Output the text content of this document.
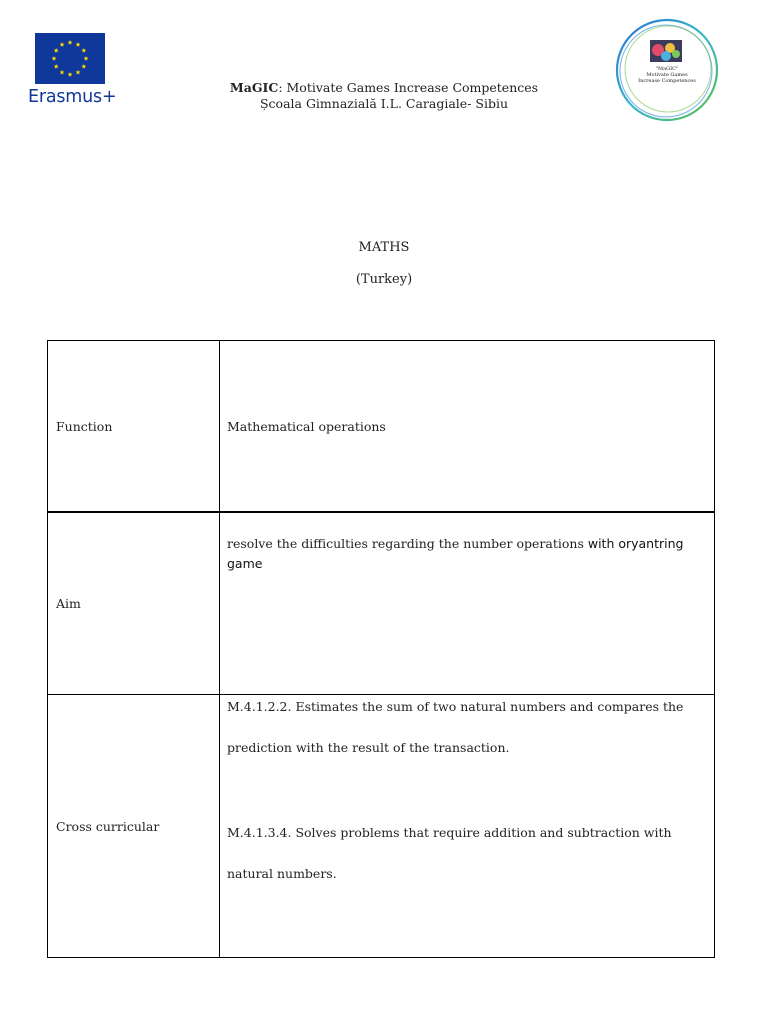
Erasmus+	MaGIC: Motivate Games Increase Competences
Școala Gimnazială I.L. Caragiale- Sibiu
"MaGIC"
Motivate Games
Increase Competences
MATHS
(Turkey)
Function	Mathematical operations
Aim
resolve the difficulties regarding the number operations with oryantring game
Cross curricular
M.4.1.2.2. Estimates the sum of two natural numbers and compares the prediction with the result of the transaction.
M.4.1.3.4. Solves problems that require addition and subtraction with natural numbers.
